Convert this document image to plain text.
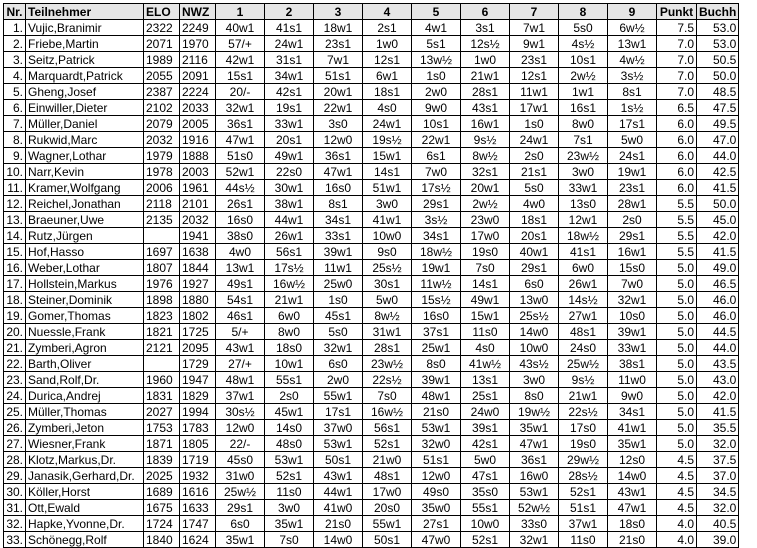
Nr.	Teilnehmer	ELO	NWZ	1	2	3	4	5	6	7	8	9	Punkt	Buchh
1.	Vujic,Branimir	2322	2249	40w1	41s1	18w1	2s1	4w1	3s1	7w1	5s0	6w½	7.5	53.0
2.	Friebe,Martin	2071	1970	57/+	24w1	23s1	1w0	5s1	12s½	9w1	4s½	13w1	7.0	53.0
3.	Seitz,Patrick	1989	2116	42w1	31s1	7w1	12s1	13w½	1w0	23s1	10s1	4w½	7.0	50.5
4.	Marquardt,Patrick	2055	2091	15s1	34w1	51s1	6w1	1s0	21w1	12s1	2w½	3s½	7.0	50.0
5.	Gheng,Josef	2387	2224	20/-	42s1	20w1	18s1	2w0	28s1	11w1	1w1	8s1	7.0	48.5
6.	Einwiller,Dieter	2102	2033	32w1	19s1	22w1	4s0	9w0	43s1	17w1	16s1	1s½	6.5	47.5
7.	Müller,Daniel	2079	2005	36s1	33w1	3s0	24w1	10s1	16w1	1s0	8w0	17s1	6.0	49.5
8.	Rukwid,Marc	2032	1916	47w1	20s1	12w0	19s½	22w1	9s½	24w1	7s1	5w0	6.0	47.0
9.	Wagner,Lothar	1979	1888	51s0	49w1	36s1	15w1	6s1	8w½	2s0	23w½	24s1	6.0	44.0
10.	Narr,Kevin	1978	2003	52w1	22s0	47w1	14s1	7w0	32s1	21s1	3w0	19w1	6.0	42.5
11.	Kramer,Wolfgang	2006	1961	44s½	30w1	16s0	51w1	17s½	20w1	5s0	33w1	23s1	6.0	41.5
12.	Reichel,Jonathan	2118	2101	26s1	38w1	8s1	3w0	29s1	2w½	4w0	13s0	28w1	5.5	50.0
13.	Braeuner,Uwe	2135	2032	16s0	44w1	34s1	41w1	3s½	23w0	18s1	12w1	2s0	5.5	45.0
14.	Rutz,Jürgen		1941	38s0	26w1	33s1	10w0	34s1	17w0	20s1	18w½	29s1	5.5	42.0
15.	Hof,Hasso	1697	1638	4w0	56s1	39w1	9s0	18w½	19s0	40w1	41s1	16w1	5.5	41.5
16.	Weber,Lothar	1807	1844	13w1	17s½	11w1	25s½	19w1	7s0	29s1	6w0	15s0	5.0	49.0
17.	Hollstein,Markus	1976	1927	49s1	16w½	25w0	30s1	11w½	14s1	6s0	26w1	7w0	5.0	46.5
18.	Steiner,Dominik	1898	1880	54s1	21w1	1s0	5w0	15s½	49w1	13w0	14s½	32w1	5.0	46.0
19.	Gomer,Thomas	1823	1802	46s1	6w0	45s1	8w½	16s0	15w1	25s½	27w1	10s0	5.0	46.0
20.	Nuessle,Frank	1821	1725	5/+	8w0	5s0	31w1	37s1	11s0	14w0	48s1	39w1	5.0	44.5
21.	Zymberi,Agron	2121	2095	43w1	18s0	32w1	28s1	25w1	4s0	10w0	24s0	33w1	5.0	44.0
22.	Barth,Oliver		1729	27/+	10w1	6s0	23w½	8s0	41w½	43s½	25w½	38s1	5.0	43.5
23.	Sand,Rolf,Dr.	1960	1947	48w1	55s1	2w0	22s½	39w1	13s1	3w0	9s½	11w0	5.0	43.0
24.	Durica,Andrej	1831	1829	37w1	2s0	55w1	7s0	48w1	25s1	8s0	21w1	9w0	5.0	42.0
25.	Müller,Thomas	2027	1994	30s½	45w1	17s1	16w½	21s0	24w0	19w½	22s½	34s1	5.0	41.5
26.	Zymberi,Jeton	1753	1783	12w0	14s0	37w0	56s1	53w1	39s1	35w1	17s0	41w1	5.0	35.5
27.	Wiesner,Frank	1871	1805	22/-	48s0	53w1	52s1	32w0	42s1	47w1	19s0	35w1	5.0	32.0
28.	Klotz,Markus,Dr.	1839	1719	45s0	53w1	50s1	21w0	51s1	5w0	36s1	29w½	12s0	4.5	37.5
29.	Janasik,Gerhard,Dr.	2025	1932	31w0	52s1	43w1	48s1	12w0	47s1	16w0	28s½	14w0	4.5	37.0
30.	Köller,Horst	1689	1616	25w½	11s0	44w1	17w0	49s0	35s0	53w1	52s1	43w1	4.5	34.5
31.	Ott,Ewald	1675	1633	29s1	3w0	41w0	20s0	35w0	55s1	52w½	51s1	47w1	4.5	32.0
32.	Hapke,Yvonne,Dr.	1724	1747	6s0	35w1	21s0	55w1	27s1	10w0	33s0	37w1	18s0	4.0	40.5
33.	Schönegg,Rolf	1840	1624	35w1	7s0	14w0	50s1	47w0	52s1	32w1	11s0	21s0	4.0	39.0
